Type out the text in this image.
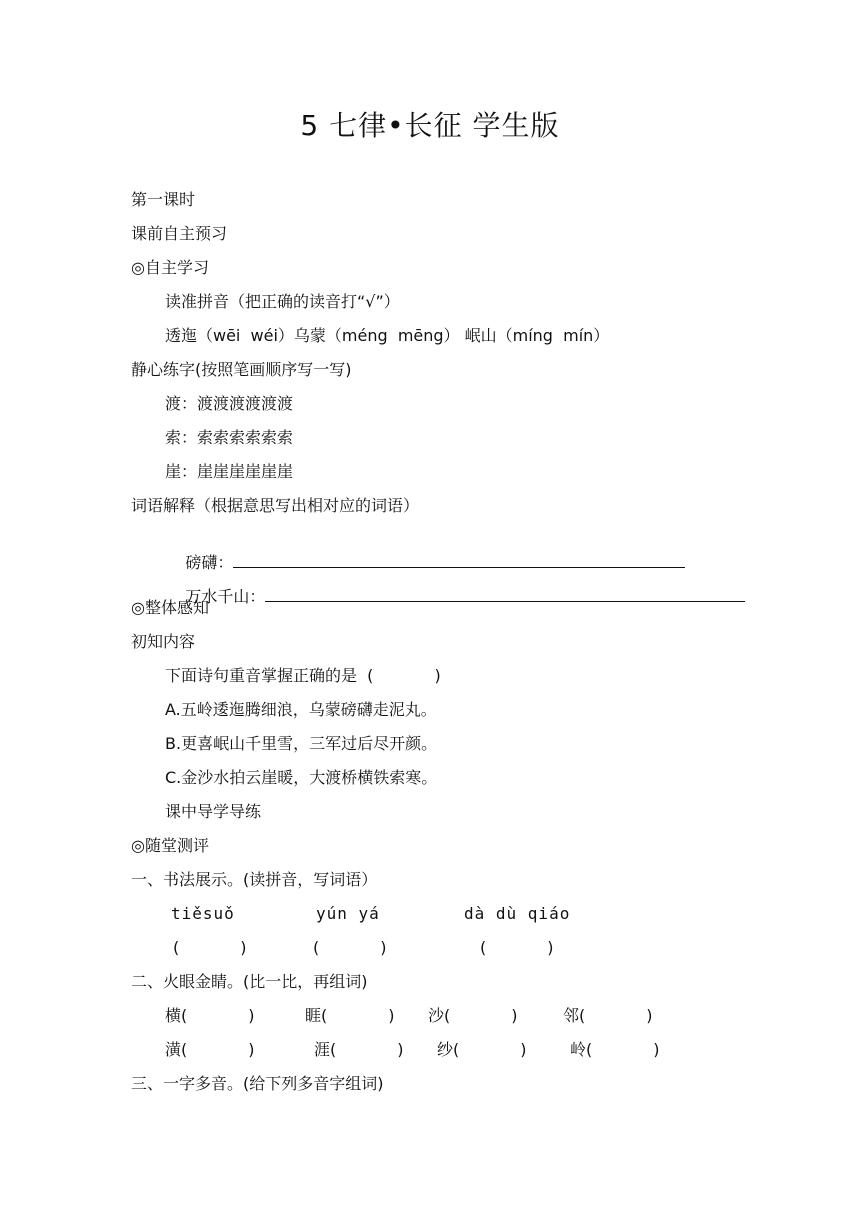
5 七律•长征 学生版
第一课时
课前自主预习
◎自主学习
读准拼音（把正确的读音打“√”）
透迤（wēi  wéi）乌蒙（méng  mēng） 岷山（míng  mín）
静心练字(按照笔画顺序写一写)
渡：渡渡渡渡渡渡
索：索索索索索索
崖：崖崖崖崖崖崖
词语解释（根据意思写出相对应的词语）

磅礴：

万水千山：

◎整体感知
初知内容
下面诗句重音掌握正确的是  (            )
A.五岭逶迤腾细浪，乌蒙磅礴走泥丸。
B.更喜岷山千里雪，三军过后尽开颜。
C.金沙水拍云崖暖，大渡桥横铁索寒。
课中导学导练
◎随堂测评
一、书法展示。(读拼音，写词语）
tiěsuǒ	yún yá	dà dù qiáo
(            )	(            )	(            )
二、火眼金睛。(比一比，再组词)
横(            )	睚(            ) 沙(            )	邻(            )
潢(            )	涯(            ) 纱(            )	岭(            )
三、一字多音。(给下列多音字组词)
